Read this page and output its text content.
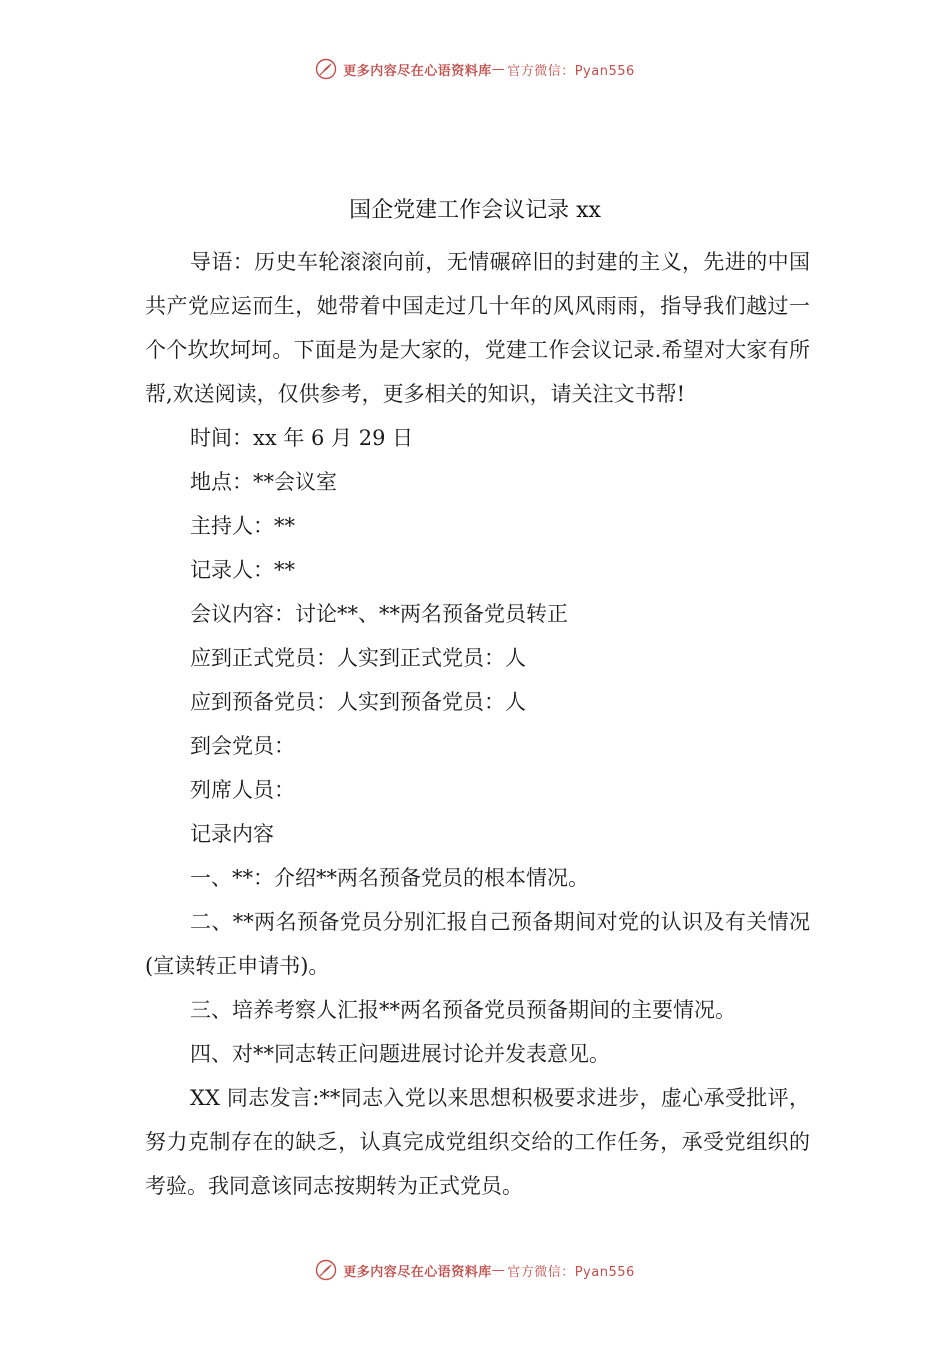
更多内容尽在心语资料库 — 官方微信：Pyan556
国企党建工作会议记录 xx

导语：历史车轮滚滚向前，无情碾碎旧的封建的主义，先进的中国共产党应运而生，她带着中国走过几十年的风风雨雨，指导我们越过一个个坎坎坷坷。下面是为是大家的，党建工作会议记录.希望对大家有所帮,欢送阅读，仅供参考，更多相关的知识，请关注文书帮!

时间：xx 年 6 月 29 日

地点：**会议室

主持人：**

记录人：**

会议内容：讨论**、**两名预备党员转正

应到正式党员：人实到正式党员：人

应到预备党员：人实到预备党员：人

到会党员：

列席人员：

记录内容

一、**：介绍**两名预备党员的根本情况。

二、**两名预备党员分别汇报自己预备期间对党的认识及有关情况(宣读转正申请书)。

三、培养考察人汇报**两名预备党员预备期间的主要情况。

四、对**同志转正问题进展讨论并发表意见。

XX 同志发言:**同志入党以来思想积极要求进步，虚心承受批评，努力克制存在的缺乏，认真完成党组织交给的工作任务，承受党组织的考验。我同意该同志按期转为正式党员。

更多内容尽在心语资料库 — 官方微信：Pyan556
